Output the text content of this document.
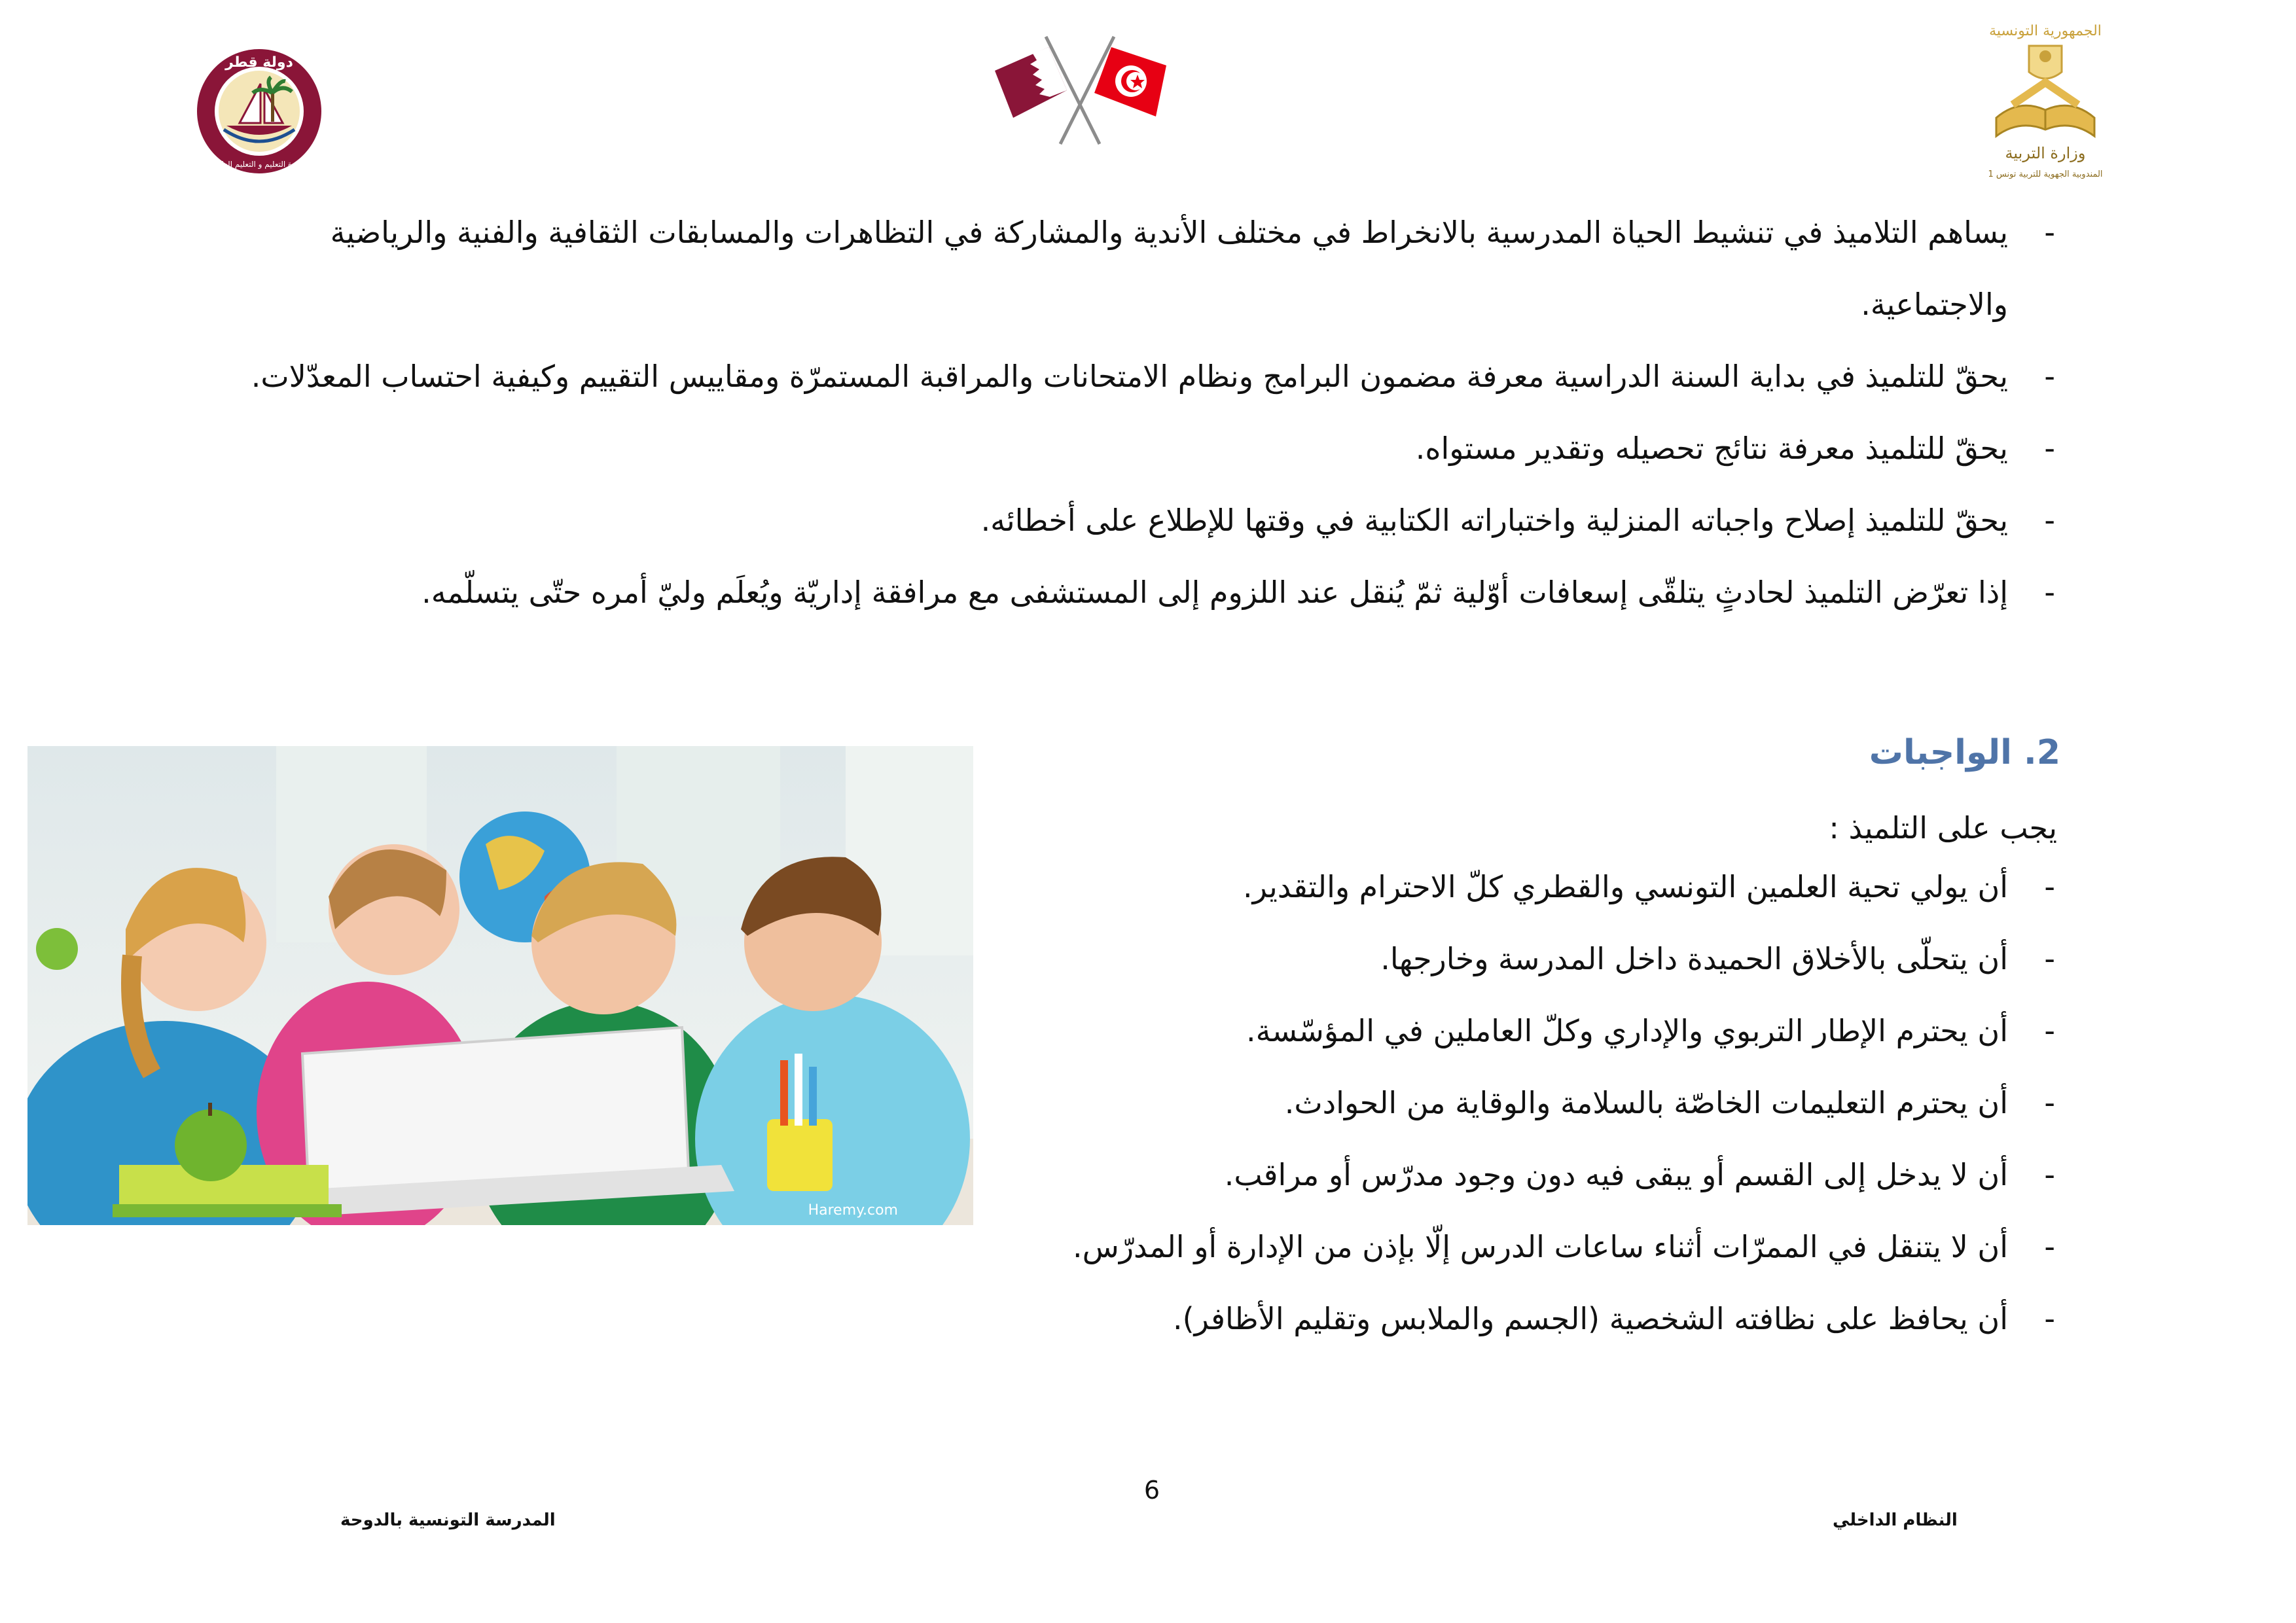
دولة قطر
وزارة التعليم و التعليم العالي
الجمهورية التونسية
وزارة التربية
المندوبية الجهوية للتربية تونس 1
-
يساهم التلاميذ في تنشيط الحياة المدرسية بالانخراط في مختلف الأندية والمشاركة في التظاهرات والمسابقات الثقافية والفنية والرياضية والاجتماعية.
-
يحقّ للتلميذ في بداية السنة الدراسية معرفة مضمون البرامج ونظام الامتحانات والمراقبة المستمرّة ومقاييس التقييم وكيفية احتساب المعدّلات.
-
يحقّ للتلميذ معرفة نتائج تحصيله وتقدير مستواه.
-
يحقّ للتلميذ إصلاح واجباته المنزلية واختباراته الكتابية في وقتها للإطلاع على أخطائه.
-
إذا تعرّض التلميذ لحادثٍ يتلقّى إسعافات أوّلية ثمّ يُنقل عند اللزوم إلى المستشفى مع مرافقة إداريّة ويُعلَم وليّ أمره حتّى يتسلّمه.
2. الواجبات
يجب على التلميذ :
-
أن يولي تحية العلمين التونسي والقطري كلّ الاحترام والتقدير.
-
أن يتحلّى بالأخلاق الحميدة داخل المدرسة وخارجها.
-
أن يحترم الإطار التربوي والإداري وكلّ العاملين في المؤسّسة.
-
أن يحترم التعليمات الخاصّة بالسلامة والوقاية من الحوادث.
-
أن لا يدخل إلى القسم أو يبقى فيه دون وجود مدرّس أو مراقب.
-
أن لا يتنقل في الممرّات أثناء ساعات الدرس إلّا بإذن من الإدارة أو المدرّس.
-
أن يحافظ على نظافته الشخصية (الجسم والملابس وتقليم الأظافر).
Haremy.com
6
المدرسة التونسية بالدوحة	النظام الداخلي
